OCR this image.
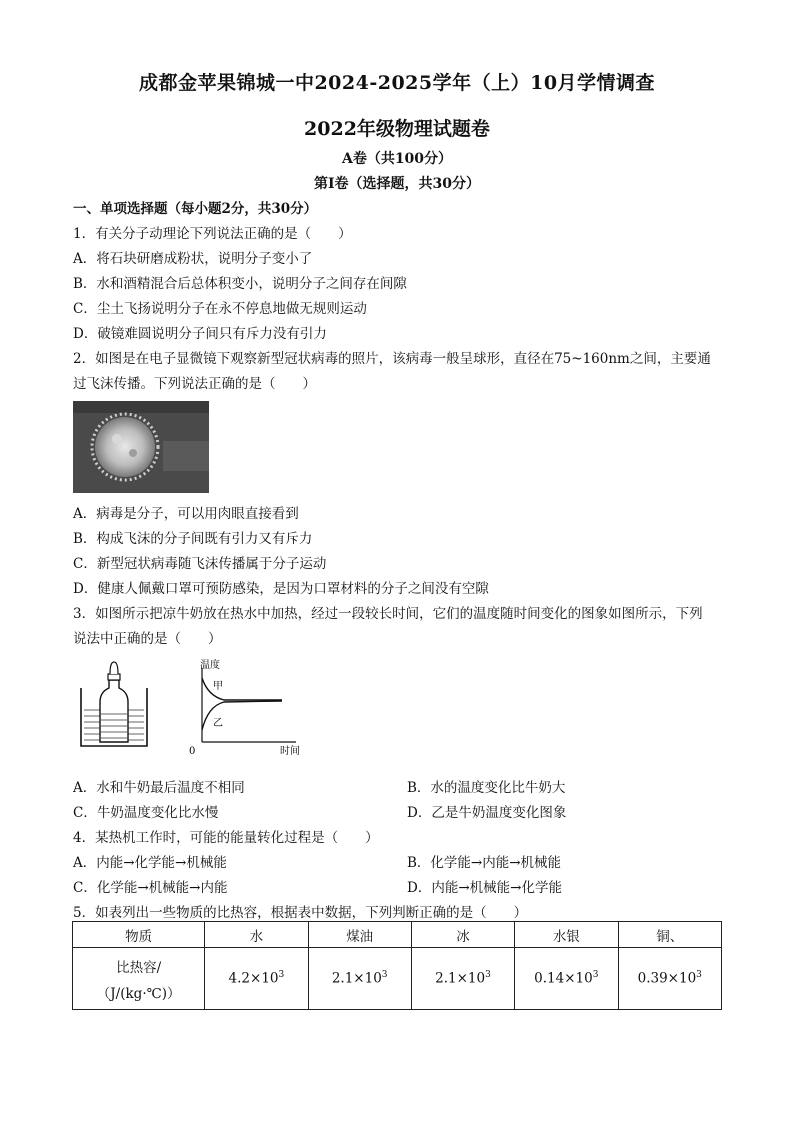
成都金苹果锦城一中2024-2025学年（上）10月学情调查
2022年级物理试题卷
A卷（共100分）
第I卷（选择题，共30分）
一、单项选择题（每小题2分，共30分）
1．有关分子动理论下列说法正确的是（　　）
A．将石块研磨成粉状，说明分子变小了
B．水和酒精混合后总体积变小，说明分子之间存在间隙
C．尘土飞扬说明分子在永不停息地做无规则运动
D．破镜难圆说明分子间只有斥力没有引力
2．如图是在电子显微镜下观察新型冠状病毒的照片，该病毒一般呈球形，直径在75~160nm之间，主要通
过飞沫传播。下列说法正确的是（　　）
A．病毒是分子，可以用肉眼直接看到
B．构成飞沫的分子间既有引力又有斥力
C．新型冠状病毒随飞沫传播属于分子运动
D．健康人佩戴口罩可预防感染，是因为口罩材料的分子之间没有空隙
3．如图所示把凉牛奶放在热水中加热，经过一段较长时间，它们的温度随时间变化的图象如图所示，下列
说法中正确的是（　　）
温度
甲
乙
0	时间
A．水和牛奶最后温度不相同	B．水的温度变化比牛奶大
C．牛奶温度变化比水慢	D．乙是牛奶温度变化图象
4．某热机工作时，可能的能量转化过程是（　　）
A．内能→化学能→机械能	B．化学能→内能→机械能
C．化学能→机械能→内能	D．内能→机械能→化学能
5．如表列出一些物质的比热容，根据表中数据，下列判断正确的是（　　）
物质	水	煤油	冰	水银	铜、

比热容/
（J/(kg·℃)）	$4.2\times 10^3$	$2.1\times 10^3$	$2.1\times 10^3$	$0.14\times 10^3$	$0.39\times 10^3$
